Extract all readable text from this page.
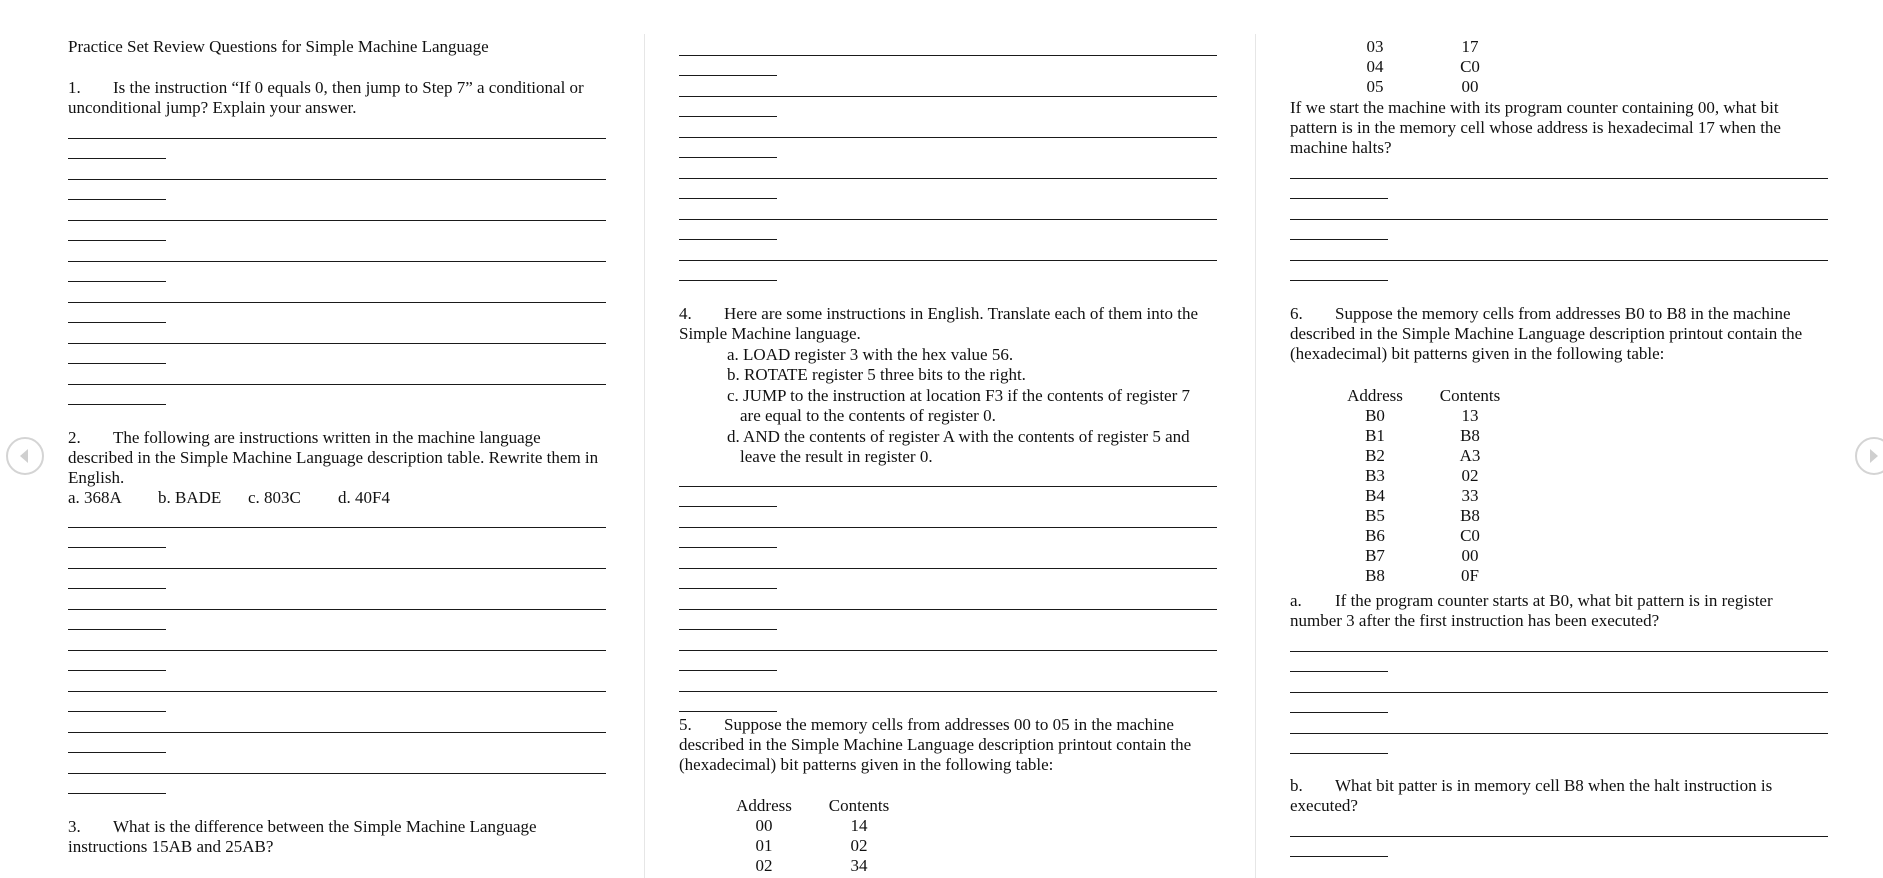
Practice Set Review Questions for Simple Machine Language
1. Is the instruction “If 0 equals 0, then jump to Step 7” a conditional or unconditional jump? Explain your answer.
2. The following are instructions written in the machine language described in the Simple Machine Language description table. Rewrite them in English.
a. 368A b. BADE c. 803C d. 40F4
3. What is the difference between the Simple Machine Language instructions 15AB and 25AB?
4. Here are some instructions in English. Translate each of them into the Simple Machine language.
a. LOAD register 3 with the hex value 56.
b. ROTATE register 5 three bits to the right.
c. JUMP to the instruction at location F3 if the contents of register 7
are equal to the contents of register 0.
d. AND the contents of register A with the contents of register 5 and
leave the result in register 0.
5. Suppose the memory cells from addresses 00 to 05 in the machine described in the Simple Machine Language description printout contain the (hexadecimal) bit patterns given in the following table:
Address	Contents
00	14
01	02
02	34
03	17
04	C0
05	00
If we start the machine with its program counter containing 00, what bit pattern is in the memory cell whose address is hexadecimal 17 when the machine halts?
6. Suppose the memory cells from addresses B0 to B8 in the machine described in the Simple Machine Language description printout contain the (hexadecimal) bit patterns given in the following table:
Address	Contents
B0	13
B1	B8
B2	A3
B3	02
B4	33
B5	B8
B6	C0
B7	00
B8	0F
a. If the program counter starts at B0, what bit pattern is in register number 3 after the first instruction has been executed?
b. What bit patter is in memory cell B8 when the halt instruction is executed?
